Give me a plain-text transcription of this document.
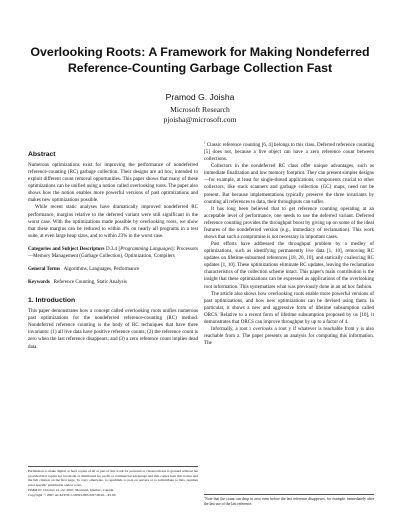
Overlooking Roots: A Framework for Making Nondeferred
Reference-Counting Garbage Collection Fast
Pramod G. Joisha
Microsoft Research
pjoisha@microsoft.com
Abstract

Numerous optimizations exist for improving the performance of nondeferred reference-counting (RC) garbage collection. Their designs are ad hoc, intended to exploit different count removal opportunities. This paper shows that many of these optimizations can be unified using a notion called overlooking roots. The paper also shows how the notion enables more powerful versions of past optimizations and makes new optimizations possible.

While recent static analyses have dramatically improved nondeferred RC performance, margins relative to the deferred variant were still significant in the worst case. With the optimizations made possible by overlooking roots, we show that these margins can be reduced to within 4% on nearly all programs in a test suite, at even large heap sizes, and to within 23% in the worst case.

Categories and Subject Descriptors D.3.4 [Programming Languages]: Processors—Memory Management (Garbage Collection), Optimization, Compilers

General Terms Algorithms, Languages, Performance

Keywords Reference Counting, Static Analysis

1. Introduction

This paper demonstrates how a concept called overlooking roots unifies numerous past optimizations for the nondeferred reference-counting (RC) method. Nondeferred reference counting is the body of RC techniques that have three invariants: (1) all live data have positive reference counts; (2) the reference count is zero when the last reference disappears; and (3) a zero reference count implies dead data.

$^1$ Classic reference counting [6, 4] belongs to this class. Deferred reference counting [5] does not, because a live object can have a zero reference count between collections.

Collectors in the nondeferred RC class offer unique advantages, such as immediate finalization and low memory footprint. They can present simpler designs—for example, at least for single-thread applications, components crucial to other collectors, like stack scanners and garbage collection (GC) maps, need not be present. But because implementations typically preserve the three invariants by counting all references to data, their throughputs can suffer.

It has long been believed that to get reference counting operating at an acceptable level of performance, one needs to use the deferred variant. Deferred reference counting provides the throughput boost by giving up on some of the ideal features of the nondeferred version (e.g., immediacy of reclamation). This work shows that such a compromise is not necessary in important cases.

Past efforts have addressed the throughput problem by a medley of optimizations, such as identifying permanently live data [1, 10], removing RC updates on lifetime-subsumed references [18, 20, 10], and statically coalescing RC updates [1, 10]. These optimizations eliminate RC updates, leaving the reclamation characteristics of the collection scheme intact. This paper's main contribution is the insight that these optimizations can be expressed as applications of the overlooking root information. This systematizes what was previously done in an ad hoc fashion.

The article also shows how overlooking roots enable more powerful versions of past optimizations, and how new optimizations can be devised using them. In particular, it shows a new and aggressive form of lifetime subsumption called ORCS. Relative to a recent form of lifetime subsumption proposed by us [10], it demonstrates that ORCS can improve throughput by up to a factor of 4.

Informally, a root r overlooks a root y if whatever is reachable from y is also reachable from z. The paper presents an analysis for computing this information. The

Permission to make digital or hard copies of all or part of this work for personal or classroom use is granted without fee provided that copies are not made or distributed for profit or commercial advantage and that copies bear this notice and the full citation on the first page. To copy otherwise, to republish, to post on servers or to redistribute to lists, requires prior specific permission and/or a fee.
ISMM'07, October 21–22, 2007, Montréal, Québec, Canada.
Copyright © 2007 ACM 978-1-59593-893-0/07/0010... $5.00
$^1$Note that the count can drop to zero even before the last reference disappears, for example, immediately after the last use of the last reference.
